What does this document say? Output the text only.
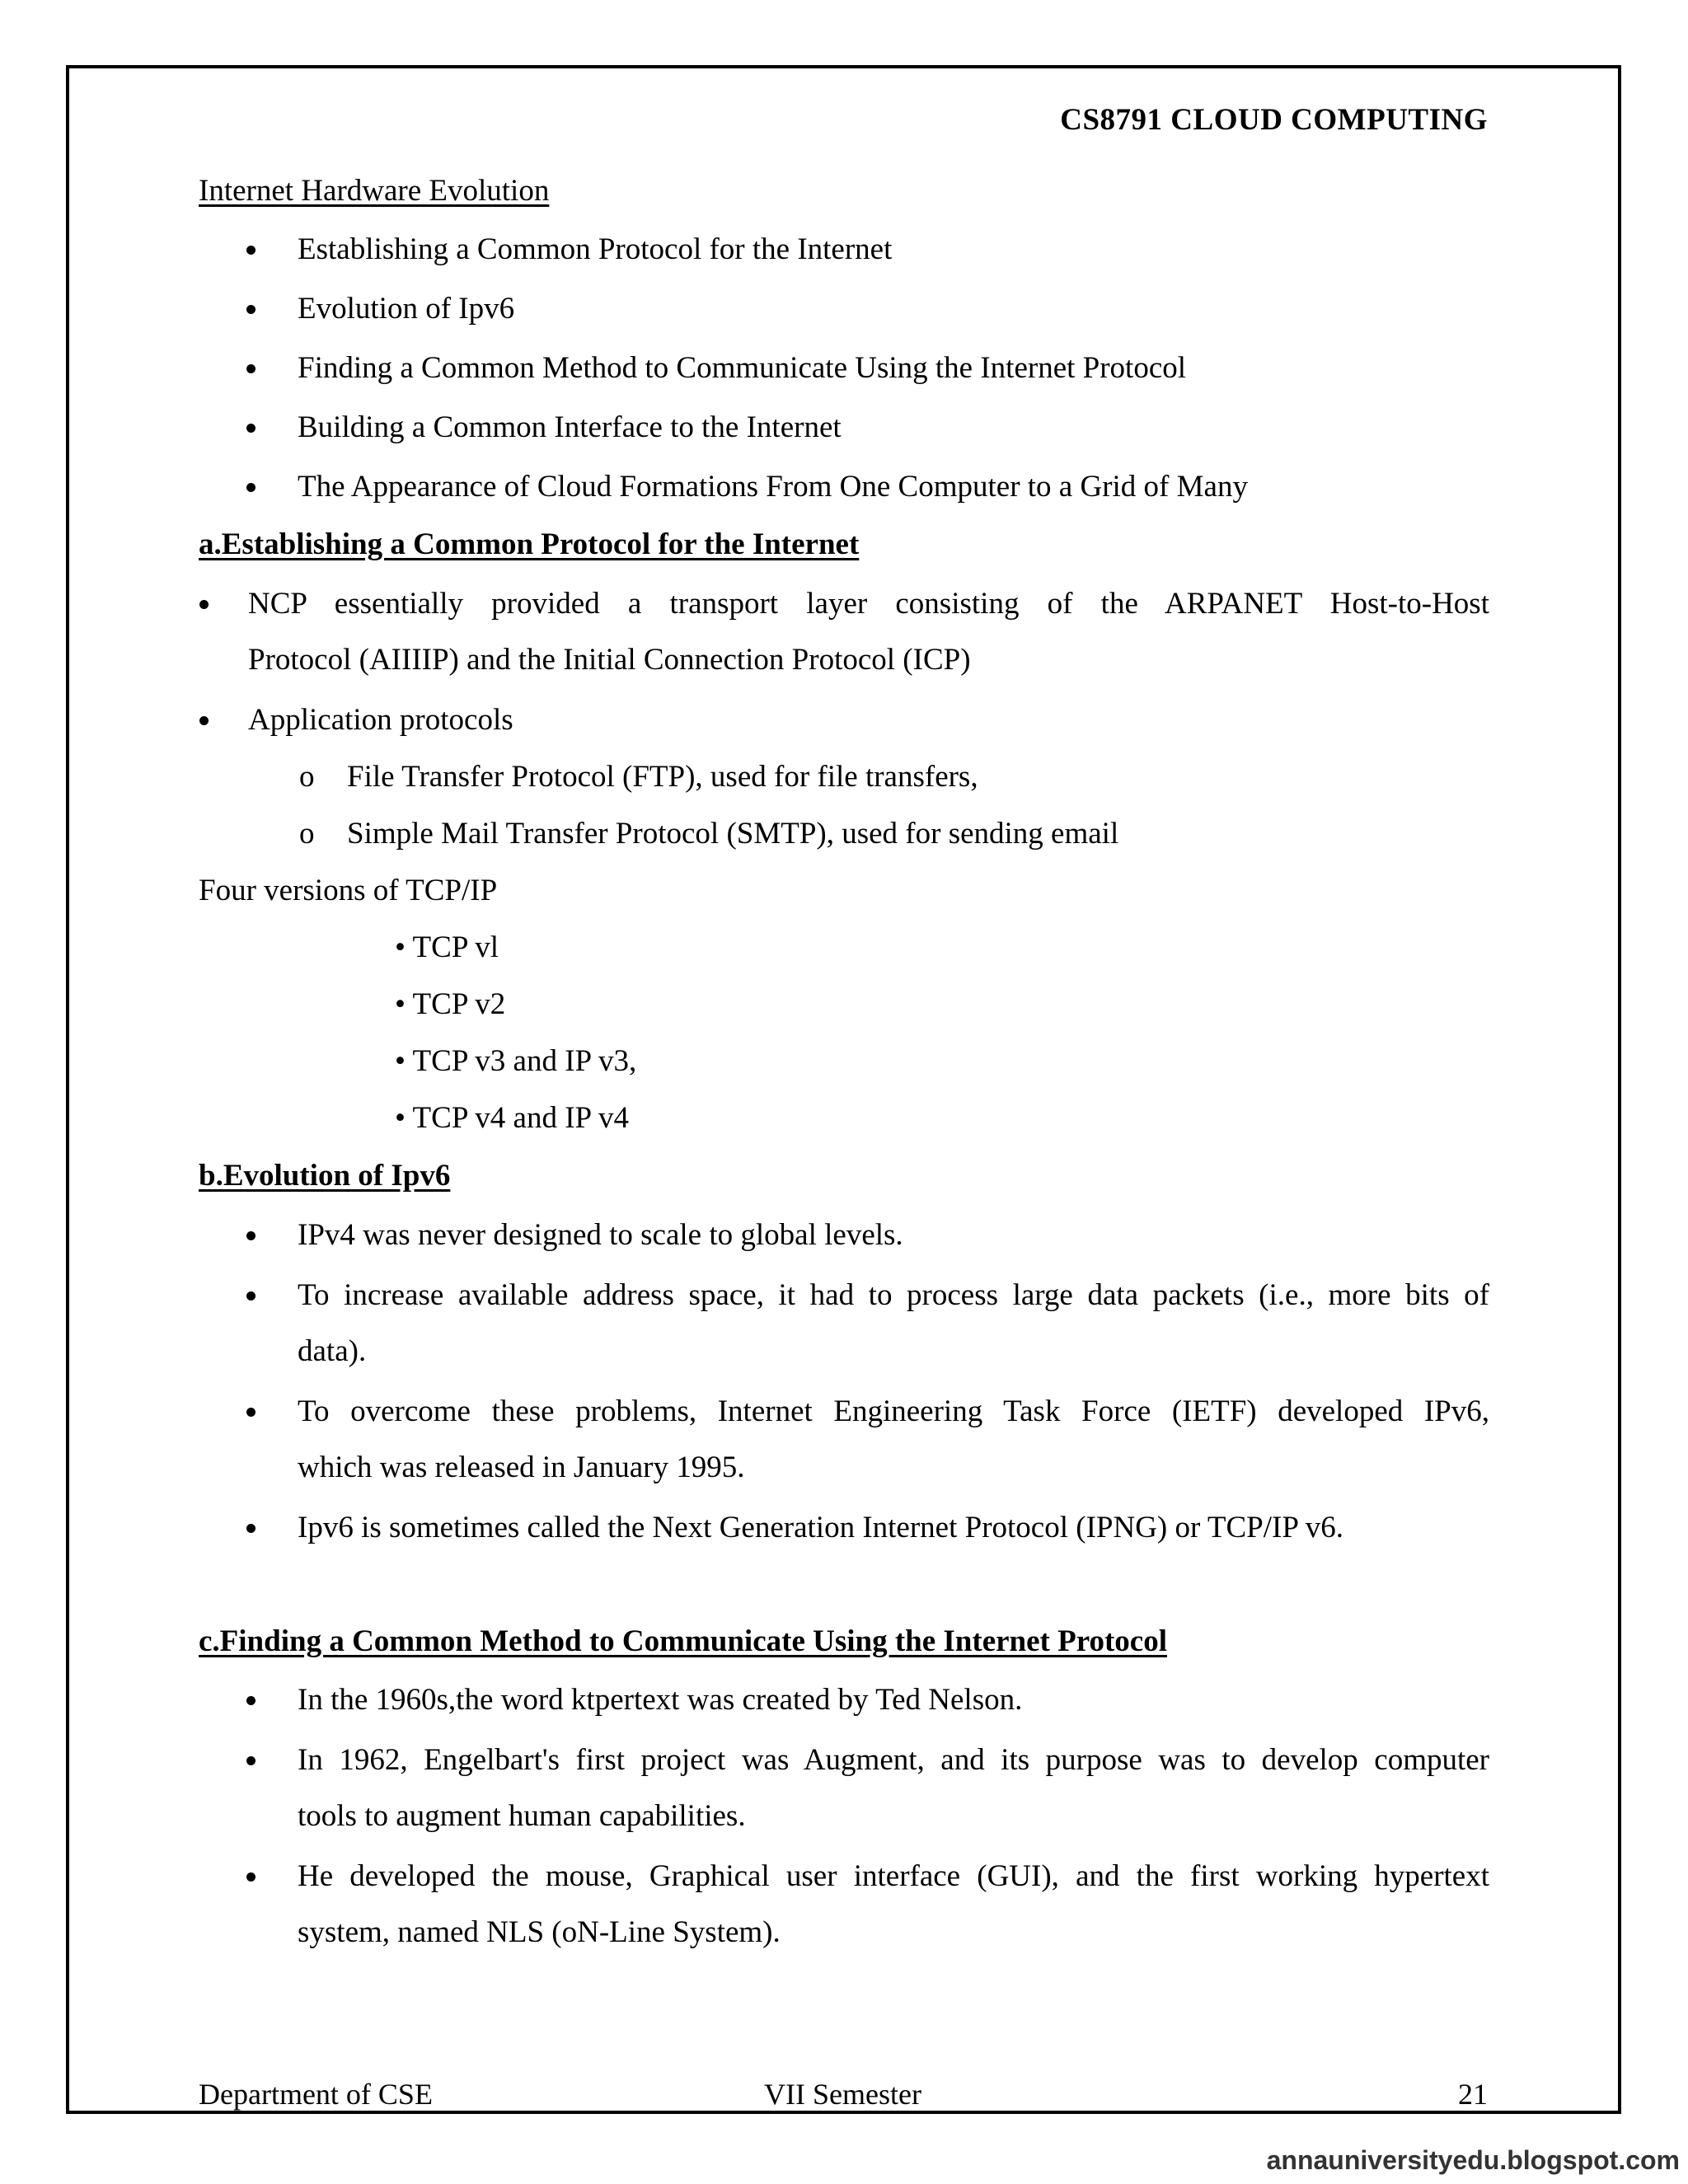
CS8791 CLOUD COMPUTING
Internet Hardware Evolution
Establishing a Common Protocol for the Internet
Evolution of Ipv6
Finding a Common Method to Communicate Using the Internet Protocol
Building a Common Interface to the Internet
The Appearance of Cloud Formations From One Computer to a Grid of Many
a.Establishing a Common Protocol for the Internet
NCP essentially provided a transport layer consisting of the ARPANET Host-to-Host
Protocol (AIIIIP) and the Initial Connection Protocol (ICP)
Application protocols
o File Transfer Protocol (FTP), used for file transfers,
o Simple Mail Transfer Protocol (SMTP), used for sending email
Four versions of TCP/IP
• TCP vl
• TCP v2
• TCP v3 and IP v3,
• TCP v4 and IP v4
b.Evolution of Ipv6
IPv4 was never designed to scale to global levels.
To increase available address space, it had to process large data packets (i.e., more bits of
data).
To overcome these problems, Internet Engineering Task Force (IETF) developed IPv6,
which was released in January 1995.
Ipv6 is sometimes called the Next Generation Internet Protocol (IPNG) or TCP/IP v6.
c.Finding a Common Method to Communicate Using the Internet Protocol
In the 1960s,the word ktpertext was created by Ted Nelson.
In 1962, Engelbart's first project was Augment, and its purpose was to develop computer
tools to augment human capabilities.
He developed the mouse, Graphical user interface (GUI), and the first working hypertext
system, named NLS (oN-Line System).
Department of CSE	VII Semester	21
annauniversityedu.blogspot.com
